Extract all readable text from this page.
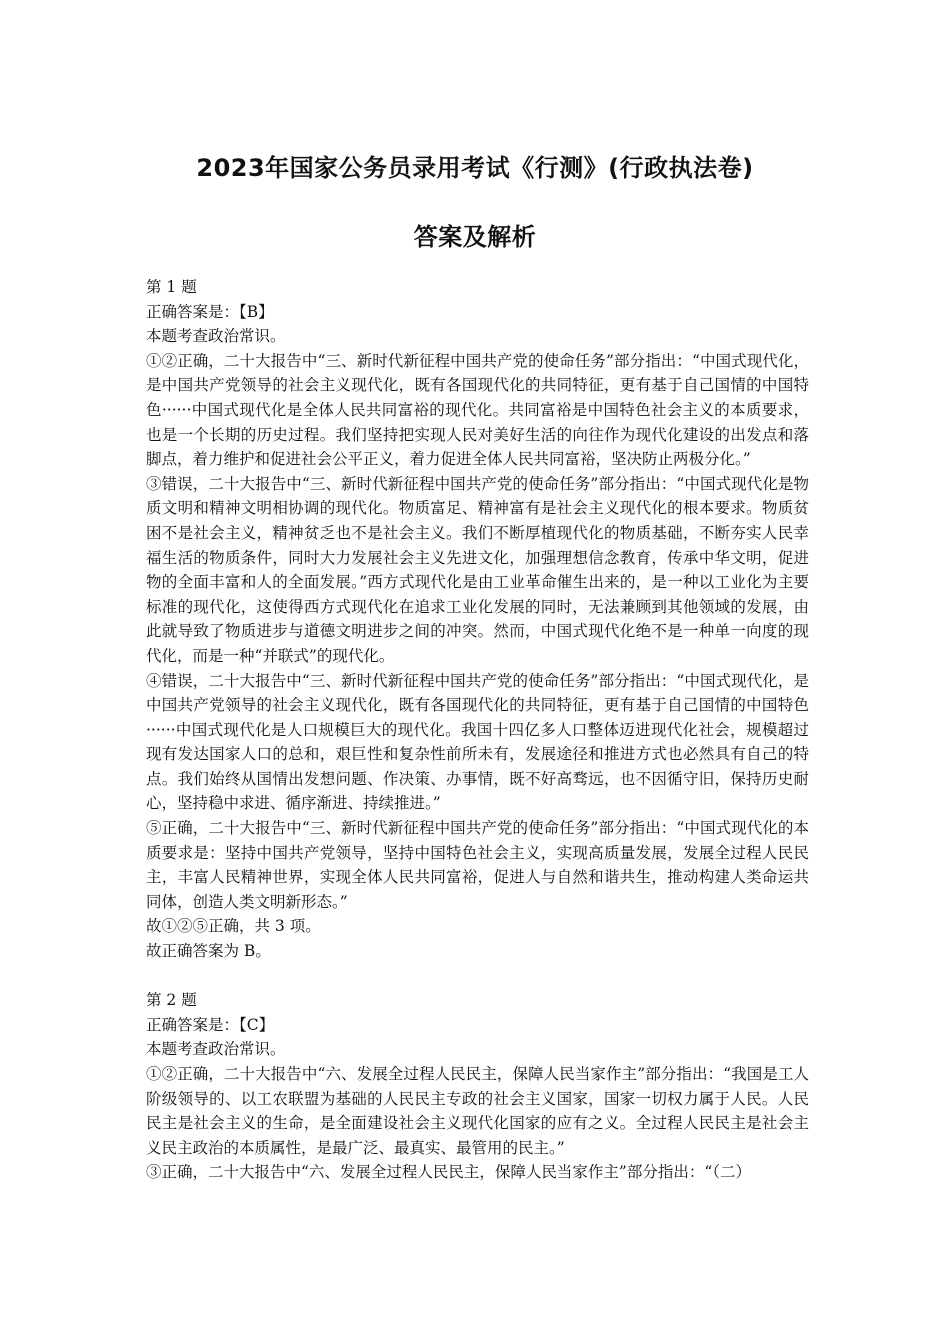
2023年国家公务员录用考试《行测》(行政执法卷)
答案及解析

第 1 题

正确答案是：【B】

本题考查政治常识。

①②正确，二十大报告中“三、新时代新征程中国共产党的使命任务”部分指出：“中国式现代化，是中国共产党领导的社会主义现代化，既有各国现代化的共同特征，更有基于自己国情的中国特色······中国式现代化是全体人民共同富裕的现代化。共同富裕是中国特色社会主义的本质要求，也是一个长期的历史过程。我们坚持把实现人民对美好生活的向往作为现代化建设的出发点和落脚点，着力维护和促进社会公平正义，着力促进全体人民共同富裕，坚决防止两极分化。”

③错误，二十大报告中“三、新时代新征程中国共产党的使命任务”部分指出：“中国式现代化是物质文明和精神文明相协调的现代化。物质富足、精神富有是社会主义现代化的根本要求。物质贫困不是社会主义，精神贫乏也不是社会主义。我们不断厚植现代化的物质基础，不断夯实人民幸福生活的物质条件，同时大力发展社会主义先进文化，加强理想信念教育，传承中华文明，促进物的全面丰富和人的全面发展。”西方式现代化是由工业革命催生出来的，是一种以工业化为主要标准的现代化，这使得西方式现代化在追求工业化发展的同时，无法兼顾到其他领域的发展，由此就导致了物质进步与道德文明进步之间的冲突。然而，中国式现代化绝不是一种单一向度的现代化，而是一种“并联式”的现代化。

④错误，二十大报告中“三、新时代新征程中国共产党的使命任务”部分指出：“中国式现代化，是中国共产党领导的社会主义现代化，既有各国现代化的共同特征，更有基于自己国情的中国特色······中国式现代化是人口规模巨大的现代化。我国十四亿多人口整体迈进现代化社会，规模超过现有发达国家人口的总和，艰巨性和复杂性前所未有，发展途径和推进方式也必然具有自己的特点。我们始终从国情出发想问题、作决策、办事情，既不好高骛远，也不因循守旧，保持历史耐心，坚持稳中求进、循序渐进、持续推进。”

⑤正确，二十大报告中“三、新时代新征程中国共产党的使命任务”部分指出：“中国式现代化的本质要求是：坚持中国共产党领导，坚持中国特色社会主义，实现高质量发展，发展全过程人民民主，丰富人民精神世界，实现全体人民共同富裕，促进人与自然和谐共生，推动构建人类命运共同体，创造人类文明新形态。”

故①②⑤正确，共 3 项。

故正确答案为 B。

第 2 题

正确答案是：【C】

本题考查政治常识。

①②正确，二十大报告中“六、发展全过程人民民主，保障人民当家作主”部分指出：“我国是工人阶级领导的、以工农联盟为基础的人民民主专政的社会主义国家，国家一切权力属于人民。人民民主是社会主义的生命，是全面建设社会主义现代化国家的应有之义。全过程人民民主是社会主义民主政治的本质属性，是最广泛、最真实、最管用的民主。”

③正确，二十大报告中“六、发展全过程人民民主，保障人民当家作主”部分指出：“（二）
